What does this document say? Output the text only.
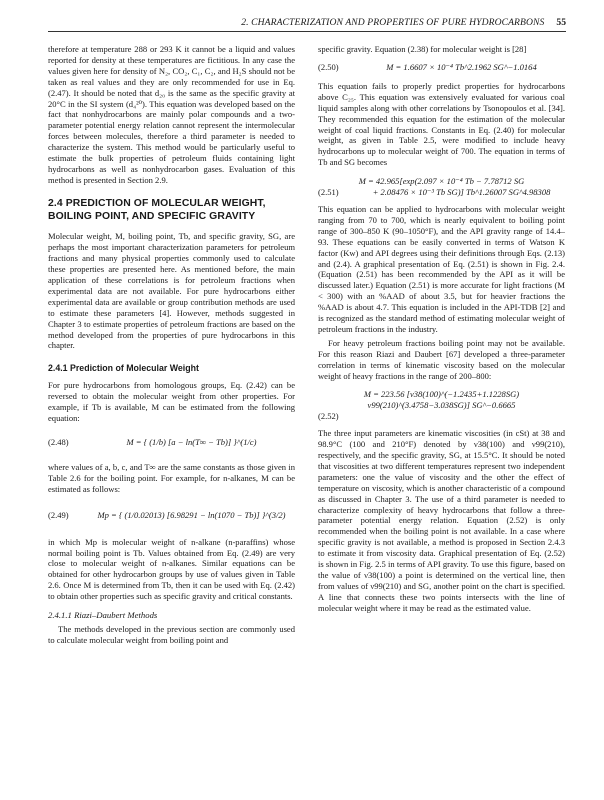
2. CHARACTERIZATION AND PROPERTIES OF PURE HYDROCARBONS 55

therefore at temperature 288 or 293 K it cannot be a liquid and values reported for density at these temperatures are fictitious. In any case the values given here for density of N₂, CO₂, C₁, C₂, and H₂S should not be taken as real values and they are only recommended for use in Eq. (2.47). It should be noted that d₂₀ is the same as the specific gravity at 20°C in the SI system (d₄²⁰). This equation was developed based on the fact that nonhydrocarbons are mainly polar compounds and a two-parameter potential energy relation cannot represent the intermolecular forces between molecules, therefore a third parameter is needed to characterize the system. This method would be particularly useful to estimate the bulk properties of petroleum fluids containing light hydrocarbons as well as nonhydrocarbon gases. Evaluation of this method is presented in Section 2.9.

2.4 PREDICTION OF MOLECULAR WEIGHT, BOILING POINT, AND SPECIFIC GRAVITY

Molecular weight, M, boiling point, Tb, and specific gravity, SG, are perhaps the most important characterization parameters for petroleum fractions and many physical properties commonly used to calculate these properties are presented here. As mentioned before, the main application of these correlations is for petroleum fractions when experimental data are not available. For pure hydrocarbons either experimental data are available or group contribution methods are used to estimate these parameters [4]. However, methods suggested in Chapter 3 to estimate properties of petroleum fractions are based on the method developed from the properties of pure hydrocarbons in this chapter.

2.4.1 Prediction of Molecular Weight

For pure hydrocarbons from homologous groups, Eq. (2.42) can be reversed to obtain the molecular weight from other properties. For example, if Tb is available, M can be estimated from the following equation:

(2.48)	M = { (1/b) [a − ln(T∞ − Tb)] }^(1/c)

where values of a, b, c, and T∞ are the same constants as those given in Table 2.6 for the boiling point. For example, for n-alkanes, M can be estimated as follows:

(2.49)	Mp = { (1/0.02013) [6.98291 − ln(1070 − Tb)] }^(3/2)

in which Mp is molecular weight of n-alkane (n-paraffins) whose normal boiling point is Tb. Values obtained from Eq. (2.49) are very close to molecular weight of n-alkanes. Similar equations can be obtained for other hydrocarbon groups by use of values given in Table 2.6. Once M is determined from Tb, then it can be used with Eq. (2.42) to obtain other properties such as specific gravity and critical constants.

2.4.1.1 Riazi–Daubert Methods

The methods developed in the previous section are commonly used to calculate molecular weight from boiling point and

specific gravity. Equation (2.38) for molecular weight is [28]

(2.50)	M = 1.6607 × 10⁻⁴ Tb^2.1962 SG^−1.0164

This equation fails to properly predict properties for hydrocarbons above C₂₅. This equation was extensively evaluated for various coal liquid samples along with other correlations by Tsonopoulos et al. [34]. They recommended this equation for the estimation of the molecular weight of coal liquid fractions. Constants in Eq. (2.40) for molecular weight, as given in Table 2.5, were modified to include heavy hydrocarbons up to molecular weight of 700. The equation in terms of Tb and SG becomes

M = 42.965[exp(2.097 × 10⁻⁴ Tb − 7.78712 SG
(2.51)	+ 2.08476 × 10⁻³ Tb SG)] Tb^1.26007 SG^4.98308

This equation can be applied to hydrocarbons with molecular weight ranging from 70 to 700, which is nearly equivalent to boiling point range of 300–850 K (90–1050°F), and the API gravity range of 14.4–93. These equations can be easily converted in terms of Watson K factor (Kw) and API degrees using their definitions through Eqs. (2.13) and (2.4). A graphical presentation of Eq. (2.51) is shown in Fig. 2.4. (Equation (2.51) has been recommended by the API as it will be discussed later.) Equation (2.51) is more accurate for light fractions (M < 300) with an %AAD of about 3.5, but for heavier fractions the %AAD is about 4.7. This equation is included in the API-TDB [2] and is recognized as the standard method of estimating molecular weight of petroleum fractions in the industry.

For heavy petroleum fractions boiling point may not be available. For this reason Riazi and Daubert [67] developed a three-parameter correlation in terms of kinematic viscosity based on the molecular weight of heavy fractions in the range of 200–800:

M = 223.56 [ν38(100)^(−1.2435+1.1228SG) ν99(210)^(3.4758−3.038SG)] SG^−0.6665
(2.52)

The three input parameters are kinematic viscosities (in cSt) at 38 and 98.9°C (100 and 210°F) denoted by ν38(100) and ν99(210), respectively, and the specific gravity, SG, at 15.5°C. It should be noted that viscosities at two different temperatures represent two independent parameters: one the value of viscosity and the other the effect of temperature on viscosity, which is another characteristic of a compound as discussed in Chapter 3. The use of a third parameter is needed to characterize complexity of heavy hydrocarbons that follow a three-parameter potential energy relation. Equation (2.52) is only recommended when the boiling point is not available. In a case where specific gravity is not available, a method is proposed in Section 2.4.3 to estimate it from viscosity data. Graphical presentation of Eq. (2.52) is shown in Fig. 2.5 in terms of API gravity. To use this figure, based on the value of ν38(100) a point is determined on the vertical line, then from values of ν99(210) and SG, another point on the chart is specified. A line that connects these two points intersects with the line of molecular weight where it may be read as the estimated value.
